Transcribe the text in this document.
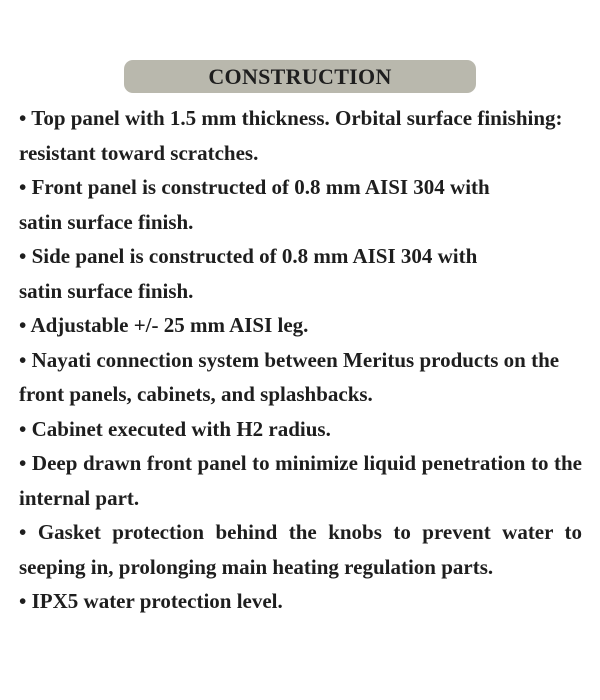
CONSTRUCTION

• Top panel with 1.5 mm thickness. Orbital surface finishing: resistant toward scratches.

• Front panel is constructed of 0.8 mm AISI 304 with satin surface finish.

• Side panel is constructed of 0.8 mm AISI 304 with satin surface finish.

• Adjustable +/- 25 mm AISI leg.

• Nayati connection system between Meritus products on the front panels, cabinets, and splashbacks.

• Cabinet executed with H2 radius.

• Deep drawn front panel to minimize liquid penetration to the internal part.

• Gasket protection behind the knobs to prevent water to seeping in, prolonging main heating regulation parts.

• IPX5 water protection level.
